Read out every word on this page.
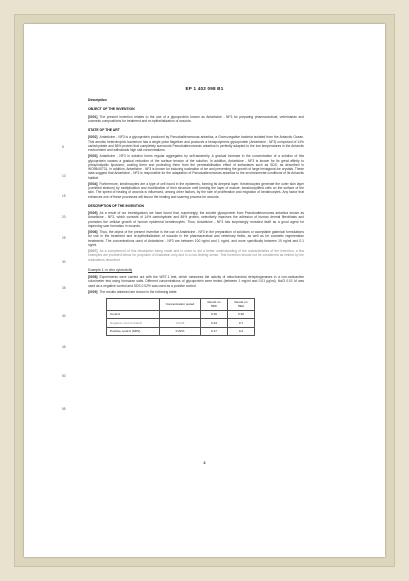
EP 1 402 098 B1
5
10
15
20
25
30
35
40
45
50
55
Description
OBJECT OF THE INVENTION

[0001] The present invention relates to the use of a glycoprotein known as Antarticine - NF3 for preparing pharmaceutical, veterinarian and cosmetic compositions for treatment and re-epithelialization of wounds.

STATE OF THE ART

[0002] Antarticine - NF3 is a glycoprotein produced by Pseudoalteromonas antartica, a Gram-negative bacteria isolated from the Antarctic Ocean. This aerobic heterotrophic bacterium has a single polar flagellum and produces a hexapolymeric glycoprotein (Antarticine - NF3) composed of 14% carbohydrate and 86% protein that completely surrounds Pseudoalteromonas antartica is perfectly adapted to the low temperatures in the Antarctic environment and withstands high salt concentrations.

[0003] Antarticine - NF3 in solution forms regular aggregates by self-assembly. A gradual increase in the concentration of a solution of this glycoprotein causes a gradual reduction of the surface tension of the solution. In addition, Antarticine - NF3 is known for its great affinity to phospholipidic liposome, coating them and protecting them from the permeabilisation effect of surfactants such as SDS, as described in WO98/40731. In addition, Antarticine - NF3 is known for inducing nucleation of ice and preventing the growth of large hexagonal ice crystals. These data suggest that Antarticine - NF3 is responsible for the adaptation of Pseudoalteromonas antartica to the environmental conditions of its Antarctic habitat.

[0004] Furthermore, keratinocytes are a type of cell found in the epidermis, forming its deepest layer. Keratinocytes generate the outer skin layer (cornified stratum) by multiplication and modification of their structure until forming the layer of mature, keratinocytified cells on the surface of the skin. The speed of healing of wounds is influenced, among other factors, by the rate of proliferation and migration of keratinocytes. Any factor that enhances one of these processes will favour the healing and scarring process for wounds.

DESCRIPTION OF THE INVENTION

[0005] As a result of our investigations we have found that, surprisingly, the soluble glycoprotein from Pseudoalteromonas antartica known as Antarticine - NF3, which consists of 14% carbohydrate and 86% protein, selectively improves the adhesion of human dermal fibroblasts and promotes the cellular growth of human epidermal keratinocytes. Thus, Antarticine - NF3 has surprisingly revealed itself as a good agent for improving scar formation in wounds.

[0006] Thus, the object of the present invention is the use of Antarticine - NF3 in the preparation of solutions or acceptable galenical formulations for use in the treatment and re-epithelialization of wounds in the pharmaceutical and veterinary fields, as well as for cosmetic regeneration treatments. The concentrations used of Antarticine - NF3 are between 100 ng/ml and 1 ng/ml, and more specifically between 10 ng/ml and 0.1 ng/ml.

[0007] As a complement of this description being made and in order to aid a better understanding of the characteristics of the invention, a few examples are provided below for purposes of illustration only and in a non-limiting sense. This invention should not be considered as limited by the realizations described.

Example 1: in vitro cytotoxicity

[0008] Experiments were carried out with the WST-1 test, which measures the activity of mitochondrial dehydrogenases in a non-radioactive colorimeter test using formazan salts. Different concentrations of glycoprotein were tested (between 1 mg/ml and 0.01 µg/ml). NaCl 0.01 M was used as a negative control and SDS 0.02% was used as a positive control.

[0009] The results obtained are shown in the following table:

	Concentration tested	Result on HDF	Result on HEK
Control		0.46	0.92
Negative control (NaCl)	0.01M	0.43	0.7
Positive control (SDS)	0.02%	0.17	0.2
2
